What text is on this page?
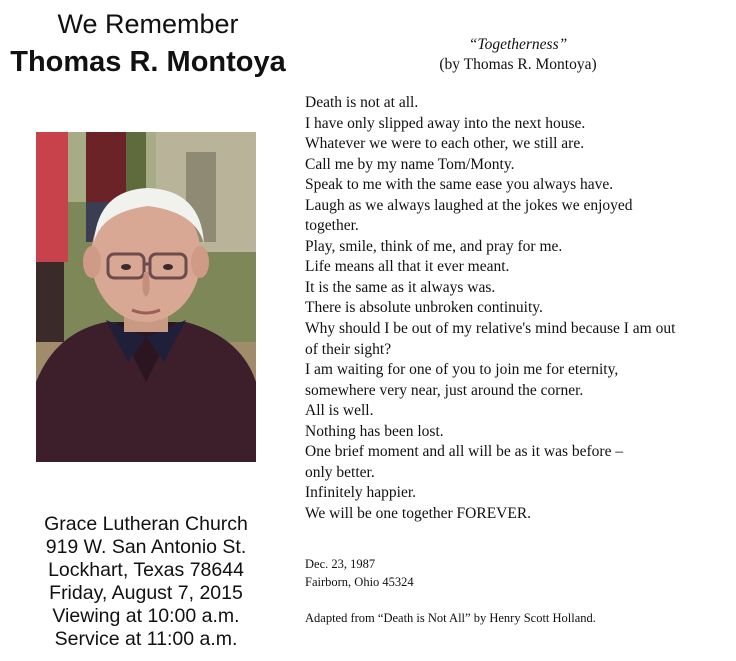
We Remember
Thomas R. Montoya
Grace Lutheran Church
919 W. San Antonio St.
Lockhart, Texas 78644
Friday, August 7, 2015
Viewing at 10:00 a.m.
Service at 11:00 a.m.
“Togetherness”
(by Thomas R. Montoya)
Death is not at all.
I have only slipped away into the next house.
Whatever we were to each other, we still are.
Call me by my name Tom/Monty.
Speak to me with the same ease you always have.
Laugh as we always laughed at the jokes we enjoyed
together.
Play, smile, think of me, and pray for me.
Life means all that it ever meant.
It is the same as it always was.
There is absolute unbroken continuity.
Why should I be out of my relative's mind because I am out
of their sight?
I am waiting for one of you to join me for eternity,
somewhere very near, just around the corner.
All is well.
Nothing has been lost.
One brief moment and all will be as it was before –
only better.
Infinitely happier.
We will be one together FOREVER.
Dec. 23, 1987
Fairborn, Ohio 45324
Adapted from “Death is Not All” by Henry Scott Holland.
